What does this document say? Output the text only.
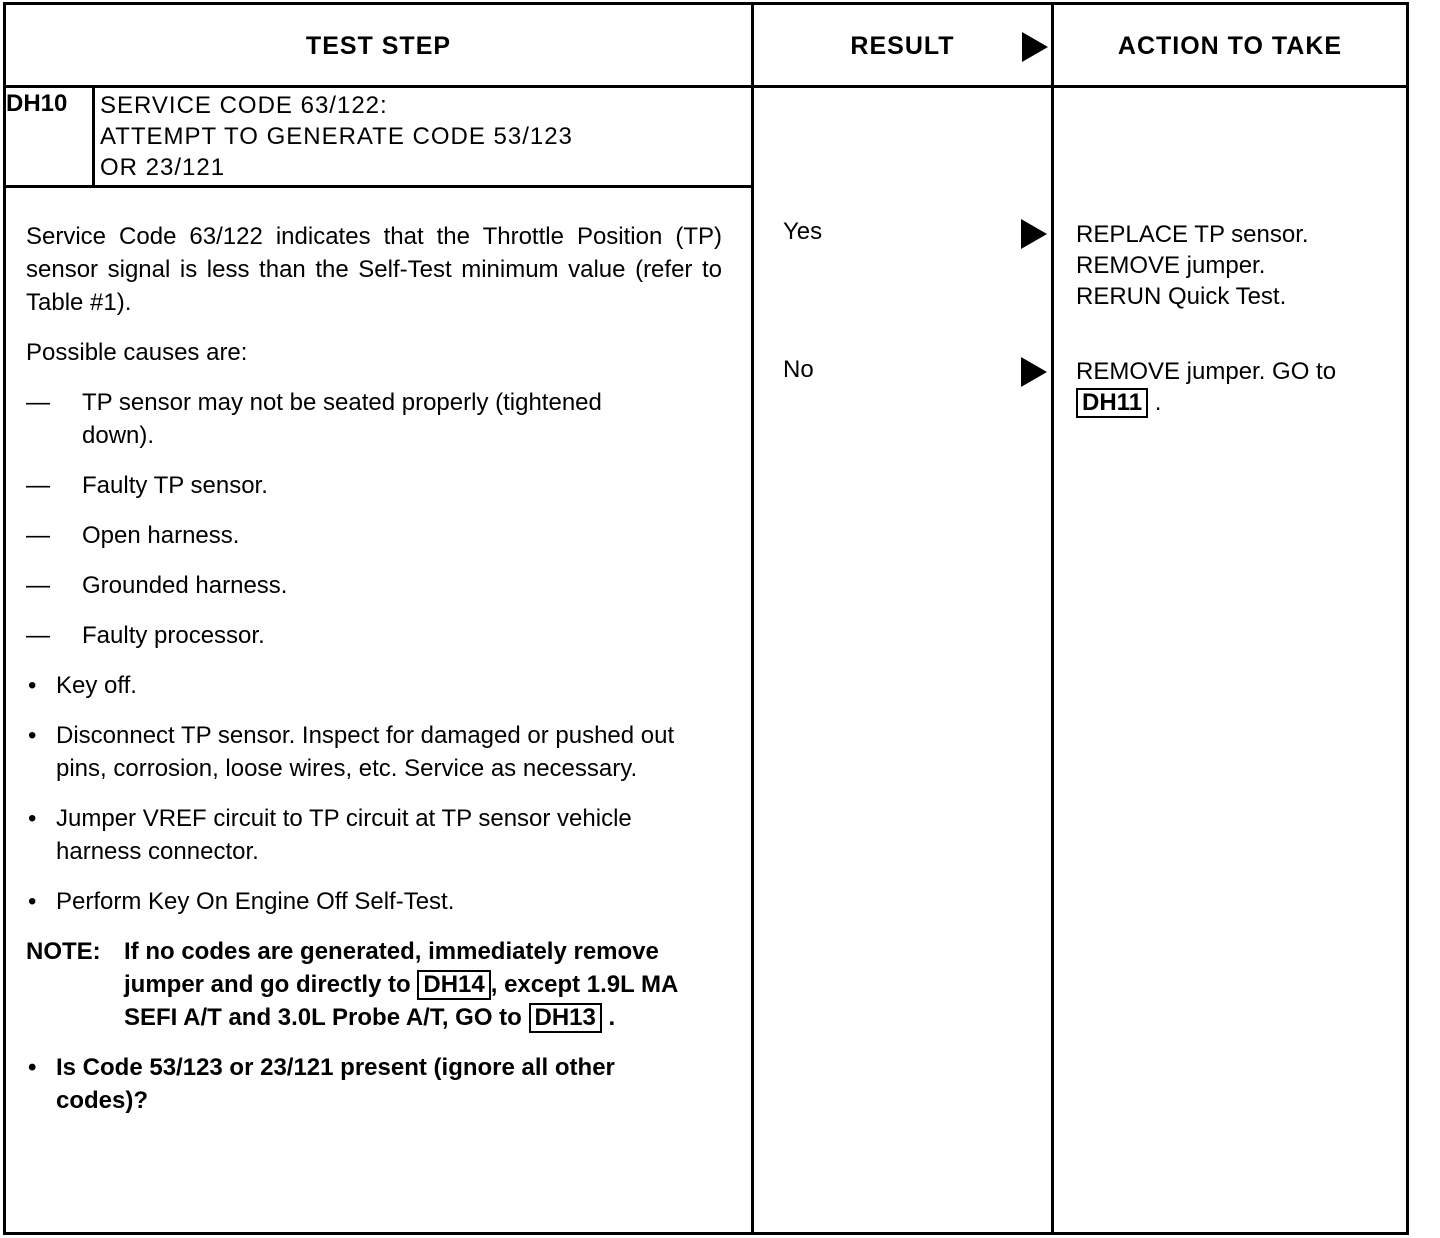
TEST STEP	RESULT	ACTION TO TAKE
DH10 SERVICE CODE 63/122:
ATTEMPT TO GENERATE CODE 53/123
OR 23/121

Service Code 63/122 indicates that the Throttle Position (TP) sensor signal is less than the Self-Test minimum value (refer to Table #1).

Possible causes are:

—	TP sensor may not be seated properly (tightened down).
—	Faulty TP sensor.
—	Open harness.
—	Grounded harness.
—	Faulty processor.
• Key off.
• Disconnect TP sensor. Inspect for damaged or pushed out pins, corrosion, loose wires, etc. Service as necessary.
• Jumper VREF circuit to TP circuit at TP sensor vehicle harness connector.
• Perform Key On Engine Off Self-Test.
NOTE: If no codes are generated, immediately remove jumper and go directly to DH14 , except 1.9L MA SEFI A/T and 3.0L Probe A/T, GO to DH13 .
• Is Code 53/123 or 23/121 present (ignore all other codes)?
Yes	REPLACE TP sensor.
REMOVE jumper.
RERUN Quick Test.
No	REMOVE jumper. GO to DH11 .
